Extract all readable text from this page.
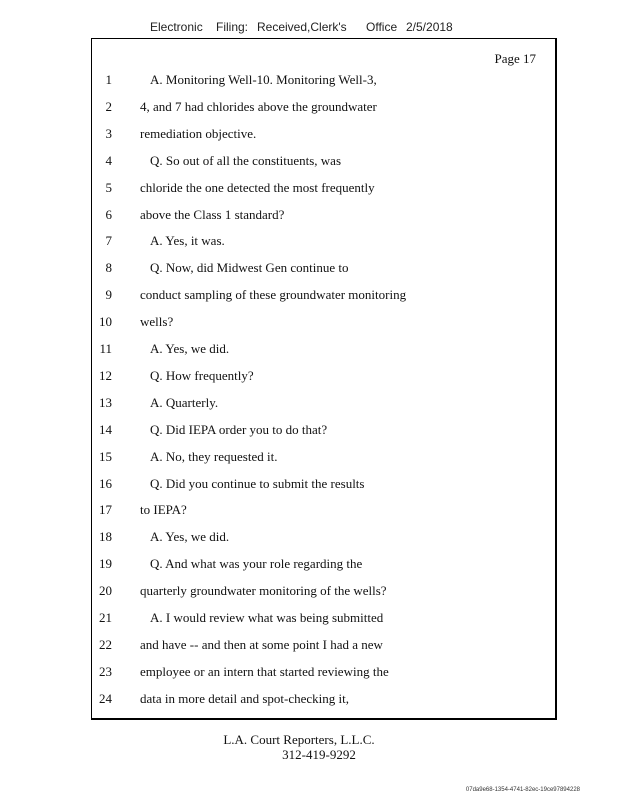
Electronic Filing: Received,Clerk's Office 2/5/2018
Page 17
1	A. Monitoring Well-10. Monitoring Well-3,
2 4, and 7 had chlorides above the groundwater
3 remediation objective.
4	Q. So out of all the constituents, was
5 chloride the one detected the most frequently
6 above the Class 1 standard?
7	A. Yes, it was.
8	Q. Now, did Midwest Gen continue to
9 conduct sampling of these groundwater monitoring
10 wells?
11	A. Yes, we did.
12	Q. How frequently?
13	A. Quarterly.
14	Q. Did IEPA order you to do that?
15	A. No, they requested it.
16	Q. Did you continue to submit the results
17 to IEPA?
18	A. Yes, we did.
19	Q. And what was your role regarding the
20 quarterly groundwater monitoring of the wells?
21	A. I would review what was being submitted
22 and have -- and then at some point I had a new
23 employee or an intern that started reviewing the
24 data in more detail and spot-checking it,
L.A. Court Reporters, L.L.C.
312-419-9292
07da9e68-1354-4741-82ec-19ce97894228
